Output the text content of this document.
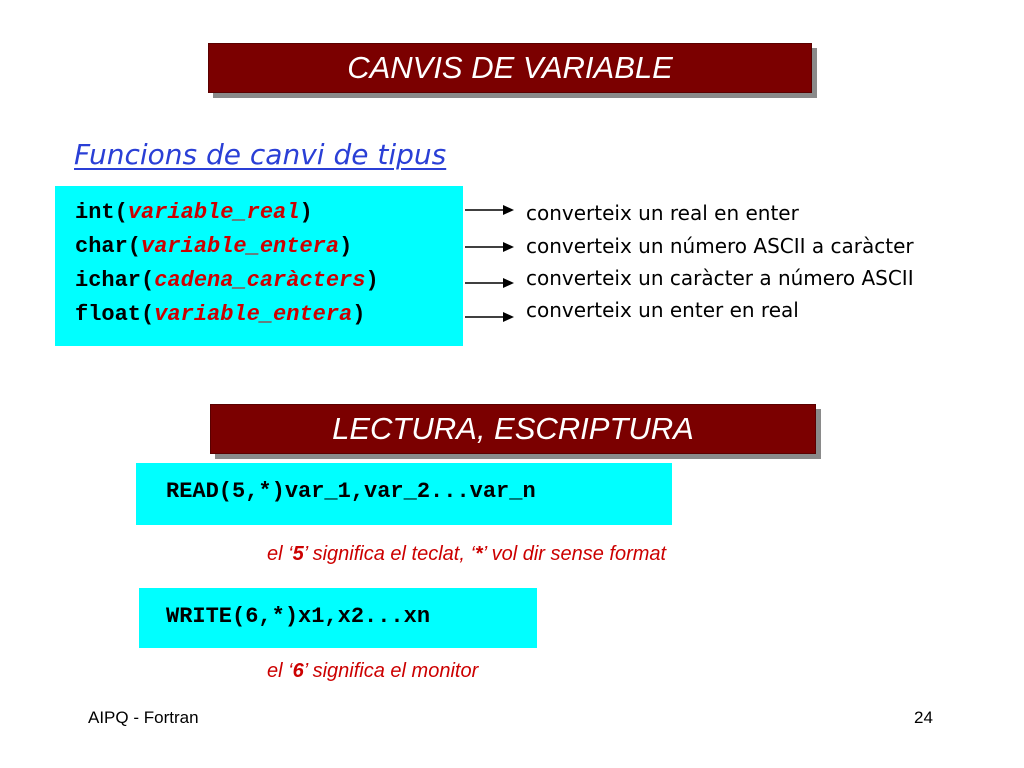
CANVIS DE VARIABLE
Funcions de canvi de tipus
int(variable_real)
char(variable_entera)
ichar(cadena_caràcters)
float(variable_entera)
converteix un real en enter
converteix un número ASCII a caràcter
converteix un caràcter a número ASCII
converteix un enter en real
LECTURA, ESCRIPTURA
READ(5,*)var_1,var_2...var_n
el ‘5’ significa el teclat, ‘*’ vol dir sense format
WRITE(6,*)x1,x2...xn
el ‘6’ significa el monitor
AIPQ - Fortran	24
